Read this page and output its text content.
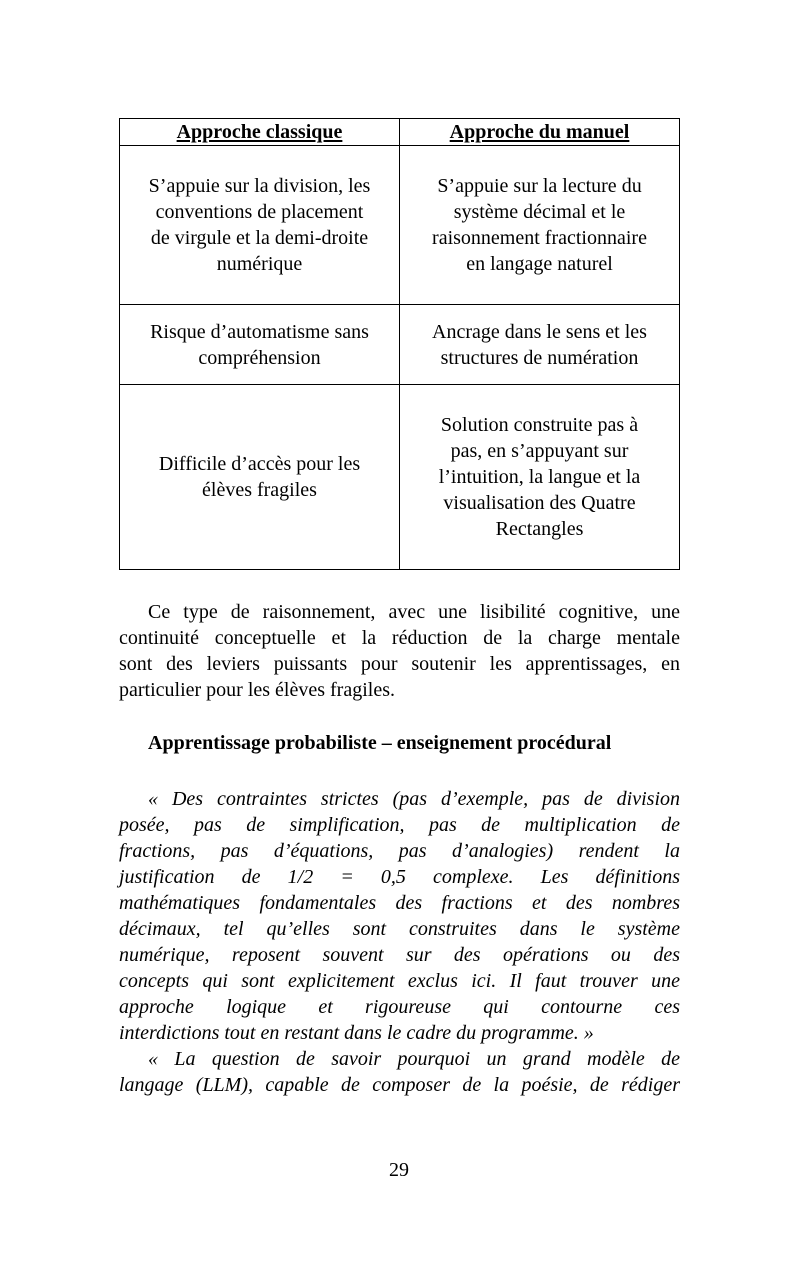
Approche classique	Approche du manuel

S’appuie sur la division, les
conventions de placement
de virgule et la demi-droite
numérique	S’appuie sur la lecture du
système décimal et le
raisonnement fractionnaire
en langage naturel

Risque d’automatisme sans
compréhension	Ancrage dans le sens et les
structures de numération

Difficile d’accès pour les
élèves fragiles	Solution construite pas à
pas, en s’appuyant sur
l’intuition, la langue et la
visualisation des Quatre
Rectangles
Ce type de raisonnement, avec une lisibilité cognitive, une
continuité conceptuelle et la réduction de la charge mentale
sont des leviers puissants pour soutenir les apprentissages, en
particulier pour les élèves fragiles.

Apprentissage probabiliste – enseignement procédural

« Des contraintes strictes (pas d’exemple, pas de division
posée, pas de simplification, pas de multiplication de
fractions, pas d’équations, pas d’analogies) rendent la
justification de 1/2 = 0,5 complexe. Les définitions
mathématiques fondamentales des fractions et des nombres
décimaux, tel qu’elles sont construites dans le système
numérique, reposent souvent sur des opérations ou des
concepts qui sont explicitement exclus ici. Il faut trouver une
approche logique et rigoureuse qui contourne ces
interdictions tout en restant dans le cadre du programme. »
« La question de savoir pourquoi un grand modèle de
langage (LLM), capable de composer de la poésie, de rédiger
29
